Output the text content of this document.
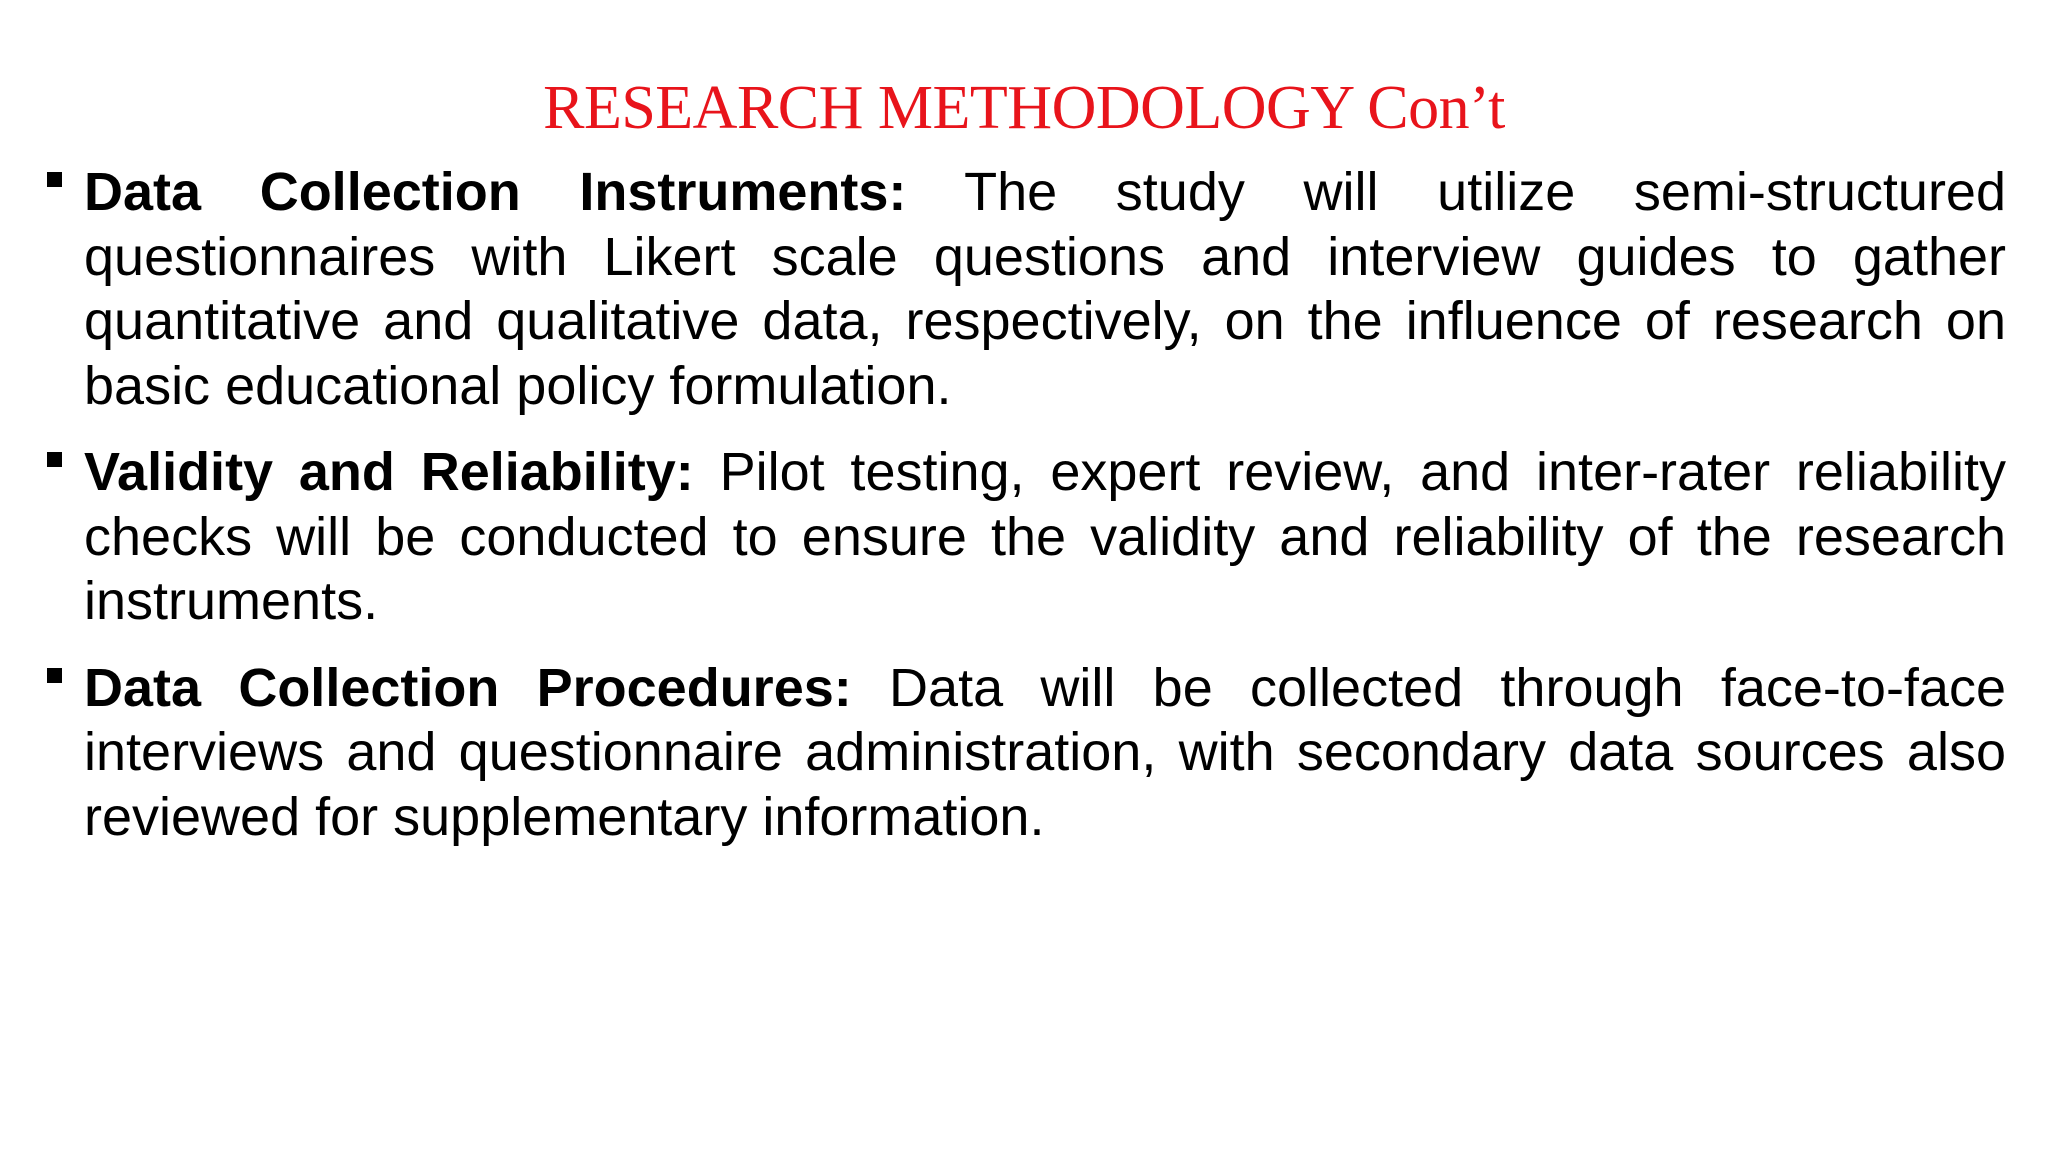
RESEARCH METHODOLOGY Con’t

Data Collection Instruments: The study will utilize semi-structured questionnaires with Likert scale questions and interview guides to gather quantitative and qualitative data, respectively, on the influence of research on basic educational policy formulation.

Validity and Reliability: Pilot testing, expert review, and inter-rater reliability checks will be conducted to ensure the validity and reliability of the research instruments.

Data Collection Procedures: Data will be collected through face-to-face interviews and questionnaire administration, with secondary data sources also reviewed for supplementary information.
